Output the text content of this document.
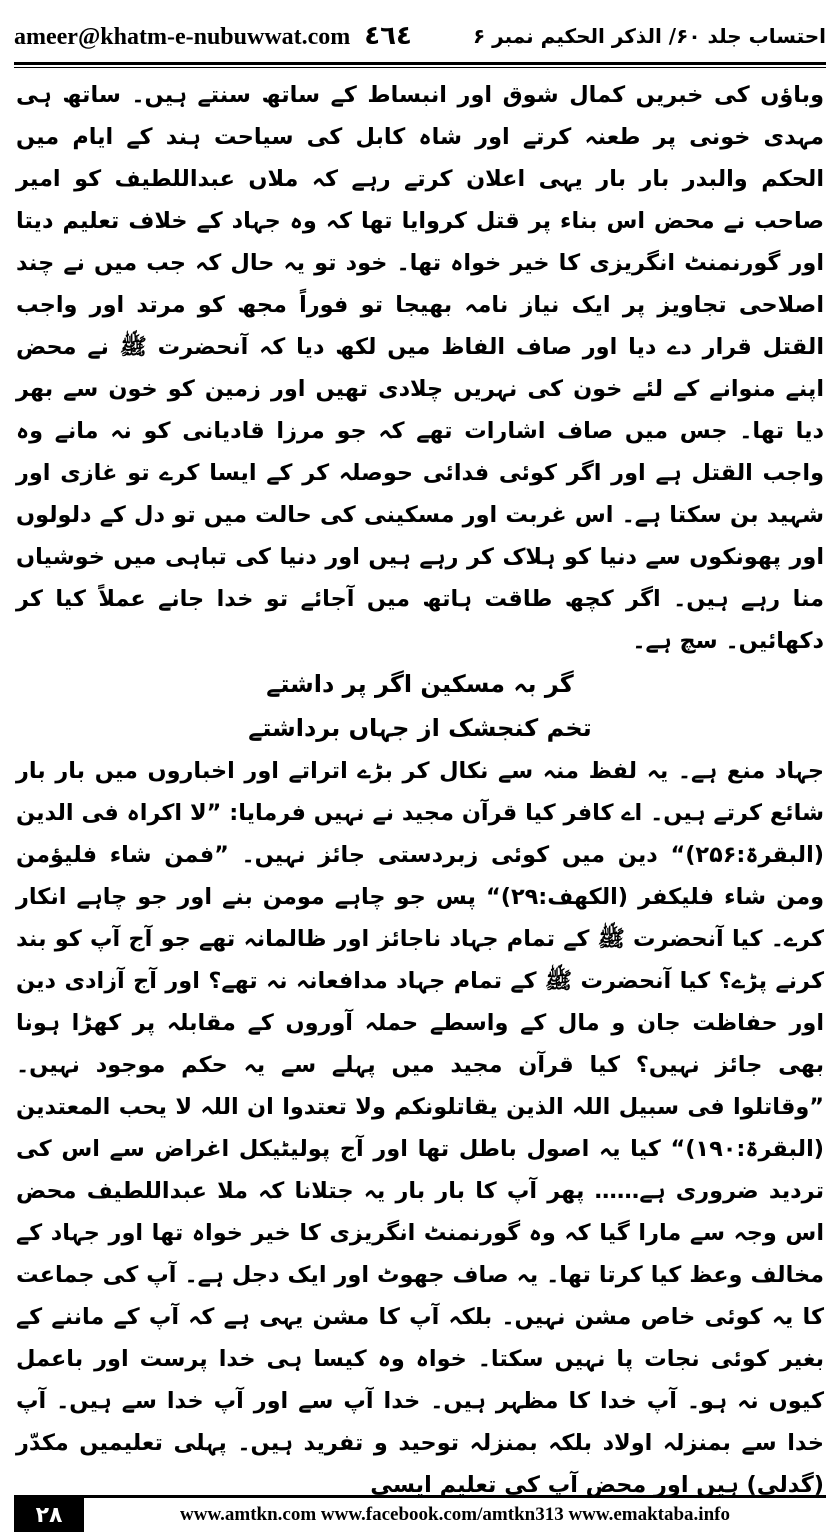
ameer@khatm-e-nubuwwat.com ٤٦٤	احتساب جلد ۶۰/ الذکر الحکیم نمبر ۶

وباؤں کی خبریں کمال شوق اور انبساط کے ساتھ سنتے ہیں۔ ساتھ ہی مہدی خونی پر طعنہ کرتے اور شاہ کابل کی سیاحت ہند کے ایام میں الحکم والبدر بار بار یہی اعلان کرتے رہے کہ ملاں عبداللطیف کو امیر صاحب نے محض اس بناء پر قتل کروایا تھا کہ وہ جہاد کے خلاف تعلیم دیتا اور گورنمنٹ انگریزی کا خیر خواہ تھا۔ خود تو یہ حال کہ جب میں نے چند اصلاحی تجاویز پر ایک نیاز نامہ بھیجا تو فوراً مجھ کو مرتد اور واجب القتل قرار دے دیا اور صاف الفاظ میں لکھ دیا کہ آنحضرت ﷺ نے محض اپنے منوانے کے لئے خون کی نہریں چلادی تھیں اور زمین کو خون سے بھر دیا تھا۔ جس میں صاف اشارات تھے کہ جو مرزا قادیانی کو نہ مانے وہ واجب القتل ہے اور اگر کوئی فدائی حوصلہ کر کے ایسا کرے تو غازی اور شہید بن سکتا ہے۔ اس غربت اور مسکینی کی حالت میں تو دل کے دلولوں اور پھونکوں سے دنیا کو ہلاک کر رہے ہیں اور دنیا کی تباہی میں خوشیاں منا رہے ہیں۔ اگر کچھ طاقت ہاتھ میں آجائے تو خدا جانے عملاً کیا کر دکھائیں۔ سچ ہے۔

گر بہ مسکین اگر پر داشتے
تخم کنجشک از جہاں برداشتے

جہاد منع ہے۔ یہ لفظ منہ سے نکال کر بڑے اتراتے اور اخباروں میں بار بار شائع کرتے ہیں۔ اے کافر کیا قرآن مجید نے نہیں فرمایا: ”لا اکراہ فی الدین (البقرۃ:۲۵۶)“ دین میں کوئی زبردستی جائز نہیں۔ ”فمن شاء فلیؤمن ومن شاء فلیکفر (الکھف:۲۹)“ پس جو چاہے مومن بنے اور جو چاہے انکار کرے۔ کیا آنحضرت ﷺ کے تمام جہاد ناجائز اور ظالمانہ تھے جو آج آپ کو بند کرنے پڑے؟ کیا آنحضرت ﷺ کے تمام جہاد مدافعانہ نہ تھے؟ اور آج آزادی دین اور حفاظت جان و مال کے واسطے حملہ آوروں کے مقابلہ پر کھڑا ہونا بھی جائز نہیں؟ کیا قرآن مجید میں پہلے سے یہ حکم موجود نہیں۔ ”وقاتلوا فی سبیل اللہ الذین یقاتلونکم ولا تعتدوا ان اللہ لا یحب المعتدین (البقرۃ:۱۹۰)“ کیا یہ اصول باطل تھا اور آج پولیٹیکل اغراض سے اس کی تردید ضروری ہے…… پھر آپ کا بار بار یہ جتلانا کہ ملا عبداللطیف محض اس وجہ سے مارا گیا کہ وہ گورنمنٹ انگریزی کا خیر خواہ تھا اور جہاد کے مخالف وعظ کیا کرتا تھا۔ یہ صاف جھوٹ اور ایک دجل ہے۔ آپ کی جماعت کا یہ کوئی خاص مشن نہیں۔ بلکہ آپ کا مشن یہی ہے کہ آپ کے ماننے کے بغیر کوئی نجات پا نہیں سکتا۔ خواہ وہ کیسا ہی خدا پرست اور باعمل کیوں نہ ہو۔ آپ خدا کا مظہر ہیں۔ خدا آپ سے اور آپ خدا سے ہیں۔ آپ خدا سے بمنزلہ اولاد بلکہ بمنزلہ توحید و تفرید ہیں۔ پہلی تعلیمیں مکدّر (گدلی) ہیں اور محض آپ کی تعلیم ایسی

۲۸	www.amtkn.com www.facebook.com/amtkn313 www.emaktaba.info
